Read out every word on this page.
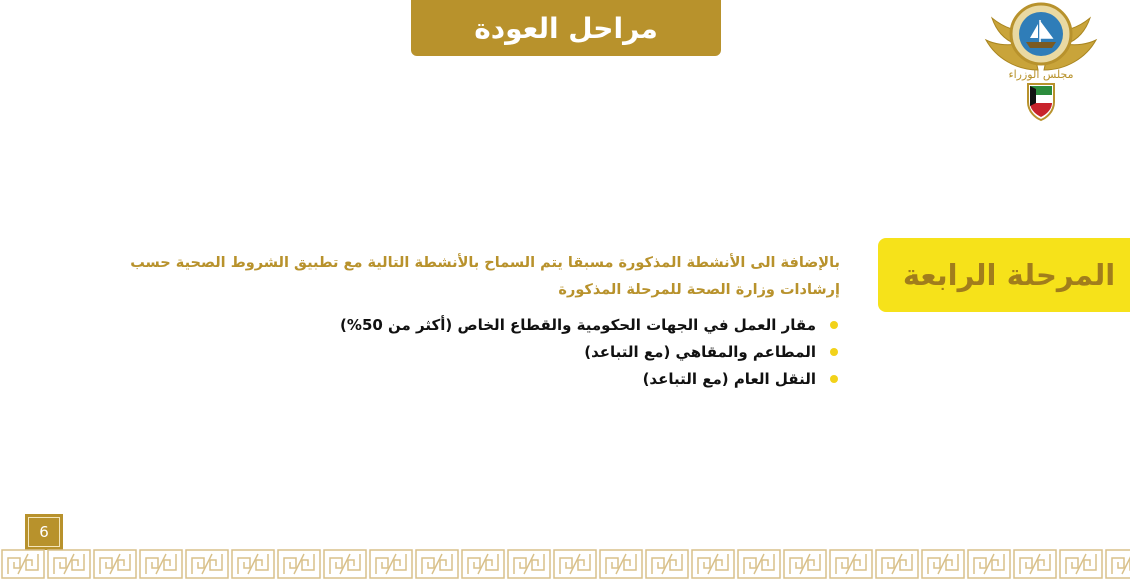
مراحل العودة
مجلس الوزراء
المرحلة الرابعة
بالإضافة الى الأنشطة المذكورة مسبقا يتم السماح بالأنشطة التالية مع تطبيق الشروط الصحية حسب
إرشادات وزارة الصحة للمرحلة المذكورة
مقار العمل في الجهات الحكومية والقطاع الخاص (أكثر من 50%)
المطاعم والمقاهي (مع التباعد)
النقل العام (مع التباعد)
6
